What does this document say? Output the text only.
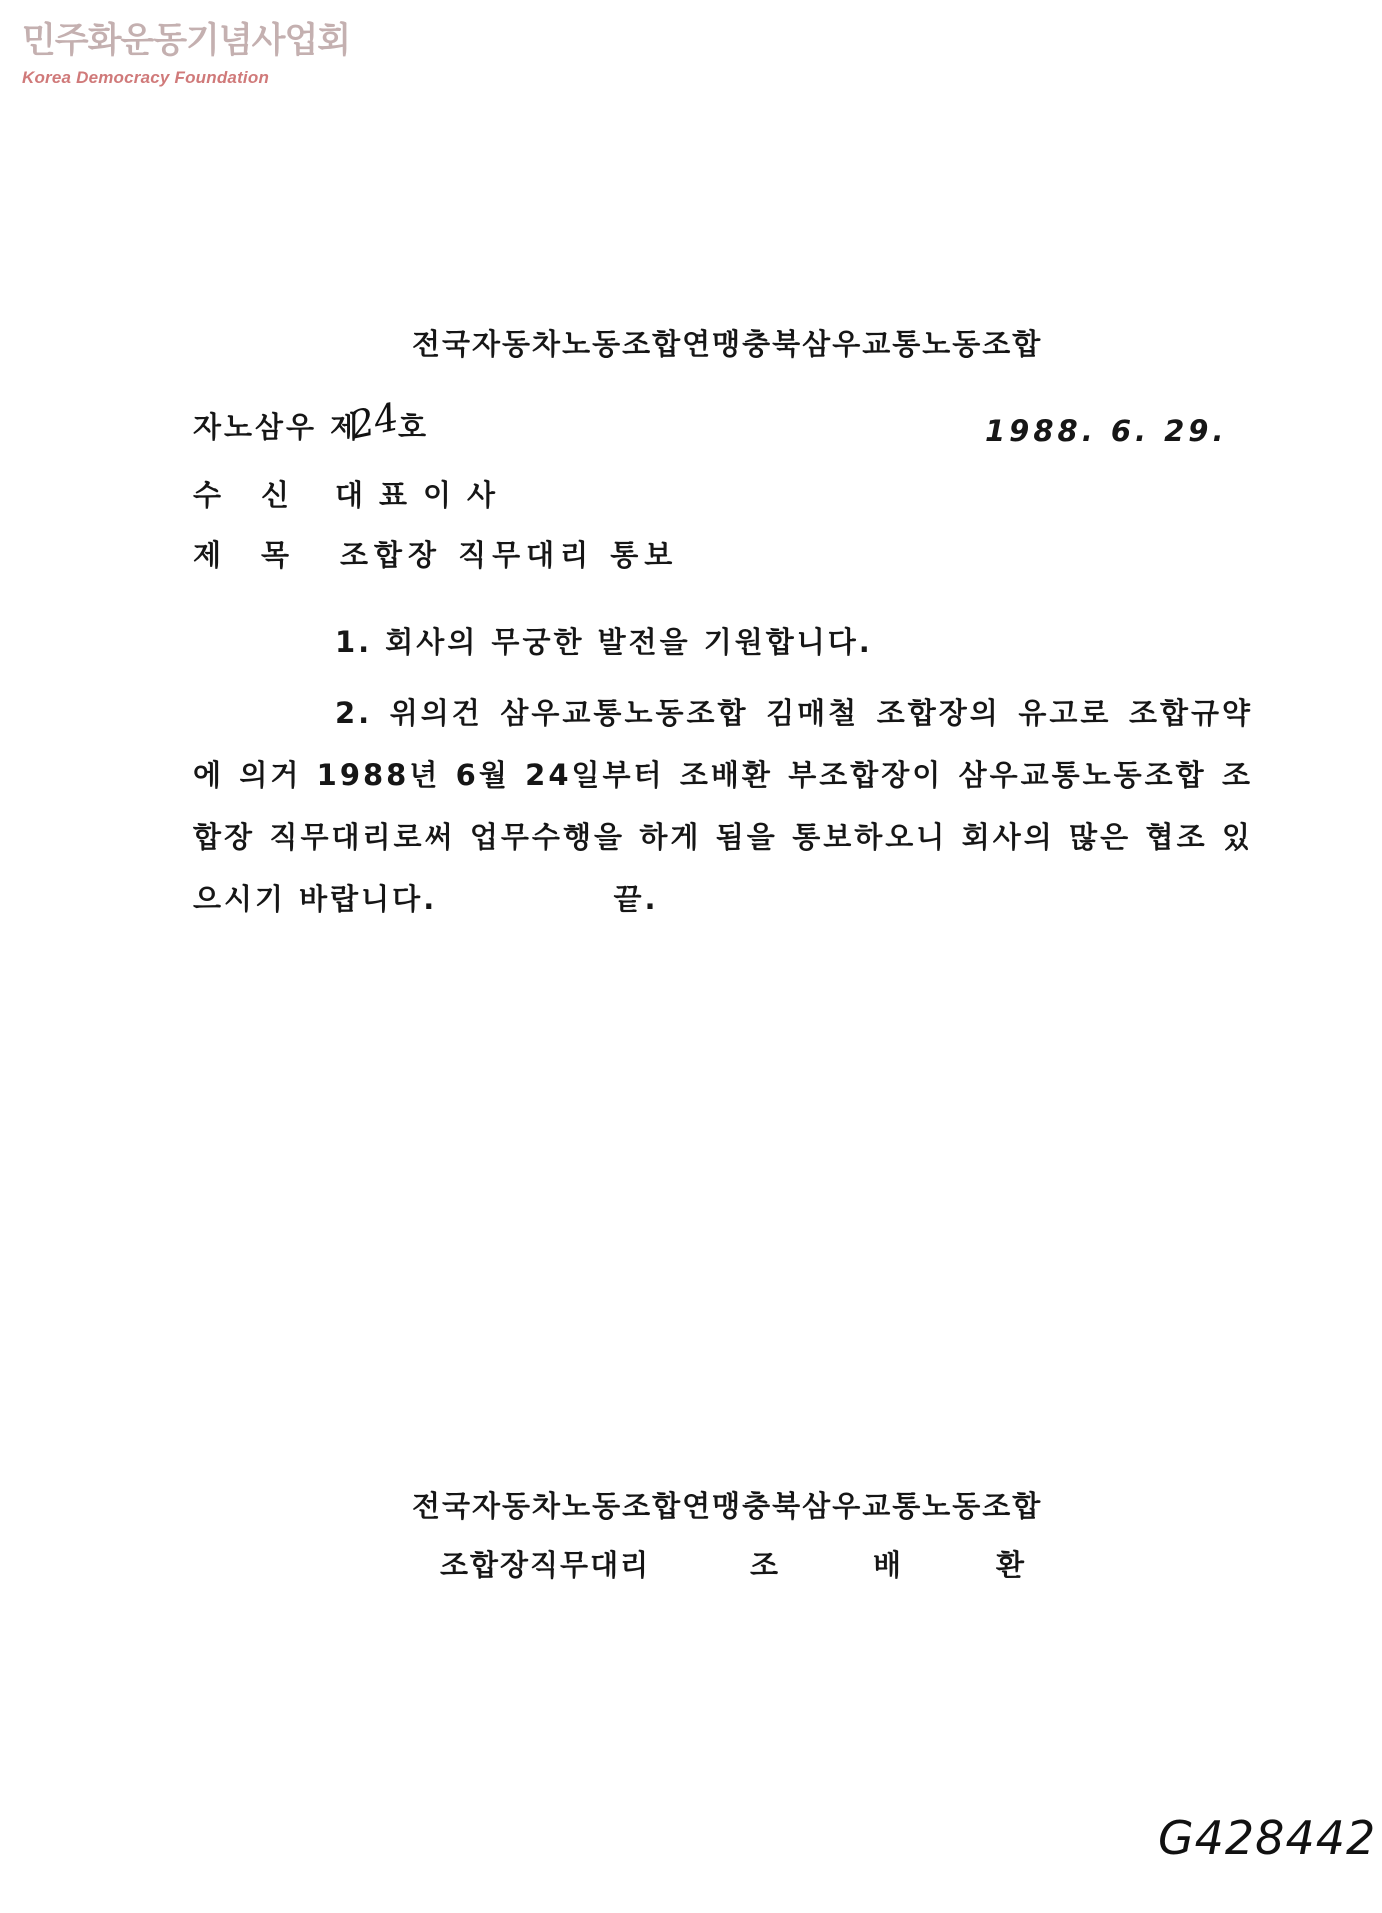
민주화운동기념사업회
Korea Democracy Foundation
전국자동차노동조합연맹충북삼우교통노동조합
자노삼우 제
24
호	1988. 6. 29.
수신 대표이사
제목 조합장 직무대리 통보
1. 회사의 무궁한 발전을 기원합니다.
2. 위의건 삼우교통노동조합 김매철 조합장의 유고로 조합규약에 의거 1988년 6월 24일부터 조배환 부조합장이 삼우교통노동조합 조합장 직무대리로써 업무수행을 하게 됨을 통보하오니 회사의 많은 협조 있으시기 바랍니다.	끝.
전국자동차노동조합연맹충북삼우교통노동조합
조합장직무대리	조배환
G428442
